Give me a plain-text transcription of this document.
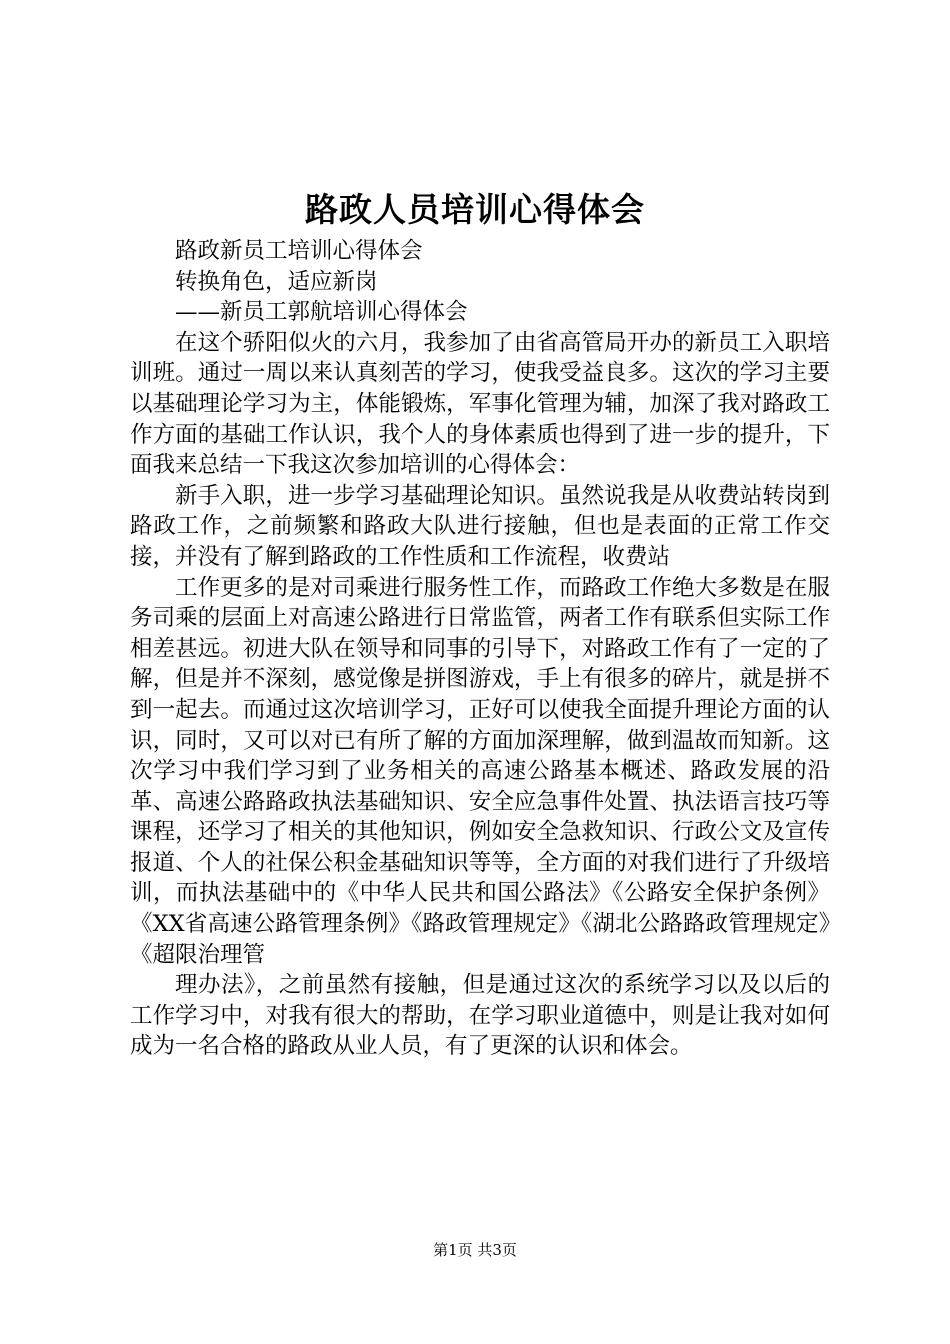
路政人员培训心得体会

路政新员工培训心得体会

转换角色，适应新岗

——新员工郭航培训心得体会

在这个骄阳似火的六月，我参加了由省高管局开办的新员工入职培训班。通过一周以来认真刻苦的学习，使我受益良多。这次的学习主要以基础理论学习为主，体能锻炼，军事化管理为辅，加深了我对路政工作方面的基础工作认识，我个人的身体素质也得到了进一步的提升，下面我来总结一下我这次参加培训的心得体会：

新手入职，进一步学习基础理论知识。虽然说我是从收费站转岗到路政工作，之前频繁和路政大队进行接触，但也是表面的正常工作交接，并没有了解到路政的工作性质和工作流程，收费站

工作更多的是对司乘进行服务性工作，而路政工作绝大多数是在服务司乘的层面上对高速公路进行日常监管，两者工作有联系但实际工作相差甚远。初进大队在领导和同事的引导下，对路政工作有了一定的了解，但是并不深刻，感觉像是拼图游戏，手上有很多的碎片，就是拼不到一起去。而通过这次培训学习，正好可以使我全面提升理论方面的认识，同时，又可以对已有所了解的方面加深理解，做到温故而知新。这次学习中我们学习到了业务相关的高速公路基本概述、路政发展的沿革、高速公路路政执法基础知识、安全应急事件处置、执法语言技巧等课程，还学习了相关的其他知识，例如安全急救知识、行政公文及宣传报道、个人的社保公积金基础知识等等，全方面的对我们进行了升级培训，而执法基础中的《中华人民共和国公路法》《公路安全保护条例》《XX省高速公路管理条例》《路政管理规定》《湖北公路路政管理规定》《超限治理管

理办法》，之前虽然有接触，但是通过这次的系统学习以及以后的工作学习中，对我有很大的帮助，在学习职业道德中，则是让我对如何成为一名合格的路政从业人员，有了更深的认识和体会。

第1页 共3页
